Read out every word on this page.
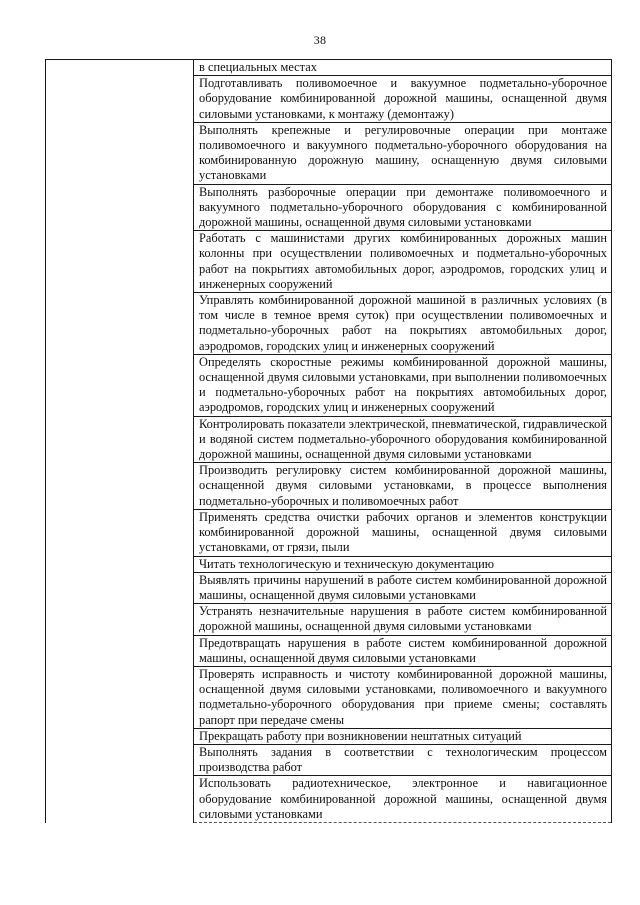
38

в специальных местах
Подготавливать поливомоечное и вакуумное подметально-уборочное оборудование комбинированной дорожной машины, оснащенной двумя силовыми установками, к монтажу (демонтажу)
Выполнять крепежные и регулировочные операции при монтаже поливомоечного и вакуумного подметально-уборочного оборудования на комбинированную дорожную машину, оснащенную двумя силовыми установками
Выполнять разборочные операции при демонтаже поливомоечного и вакуумного подметально-уборочного оборудования с комбинированной дорожной машины, оснащенной двумя силовыми установками
Работать с машинистами других комбинированных дорожных машин колонны при осуществлении поливомоечных и подметально-уборочных работ на покрытиях автомобильных дорог, аэродромов, городских улиц и инженерных сооружений
Управлять комбинированной дорожной машиной в различных условиях (в том числе в темное время суток) при осуществлении поливомоечных и подметально-уборочных работ на покрытиях автомобильных дорог, аэродромов, городских улиц и инженерных сооружений
Определять скоростные режимы комбинированной дорожной машины, оснащенной двумя силовыми установками, при выполнении поливомоечных и подметально-уборочных работ на покрытиях автомобильных дорог, аэродромов, городских улиц и инженерных сооружений
Контролировать показатели электрической, пневматической, гидравлической и водяной систем подметально-уборочного оборудования комбинированной дорожной машины, оснащенной двумя силовыми установками
Производить регулировку систем комбинированной дорожной машины, оснащенной двумя силовыми установками, в процессе выполнения подметально-уборочных и поливомоечных работ
Применять средства очистки рабочих органов и элементов конструкции комбинированной дорожной машины, оснащенной двумя силовыми установками, от грязи, пыли
Читать технологическую и техническую документацию
Выявлять причины нарушений в работе систем комбинированной дорожной машины, оснащенной двумя силовыми установками
Устранять незначительные нарушения в работе систем комбинированной дорожной машины, оснащенной двумя силовыми установками
Предотвращать нарушения в работе систем комбинированной дорожной машины, оснащенной двумя силовыми установками
Проверять исправность и чистоту комбинированной дорожной машины, оснащенной двумя силовыми установками, поливомоечного и вакуумного подметально-уборочного оборудования при приеме смены; составлять рапорт при передаче смены
Прекращать работу при возникновении нештатных ситуаций
Выполнять задания в соответствии с технологическим процессом производства работ
Использовать радиотехническое, электронное и навигационное оборудование комбинированной дорожной машины, оснащенной двумя силовыми установками
